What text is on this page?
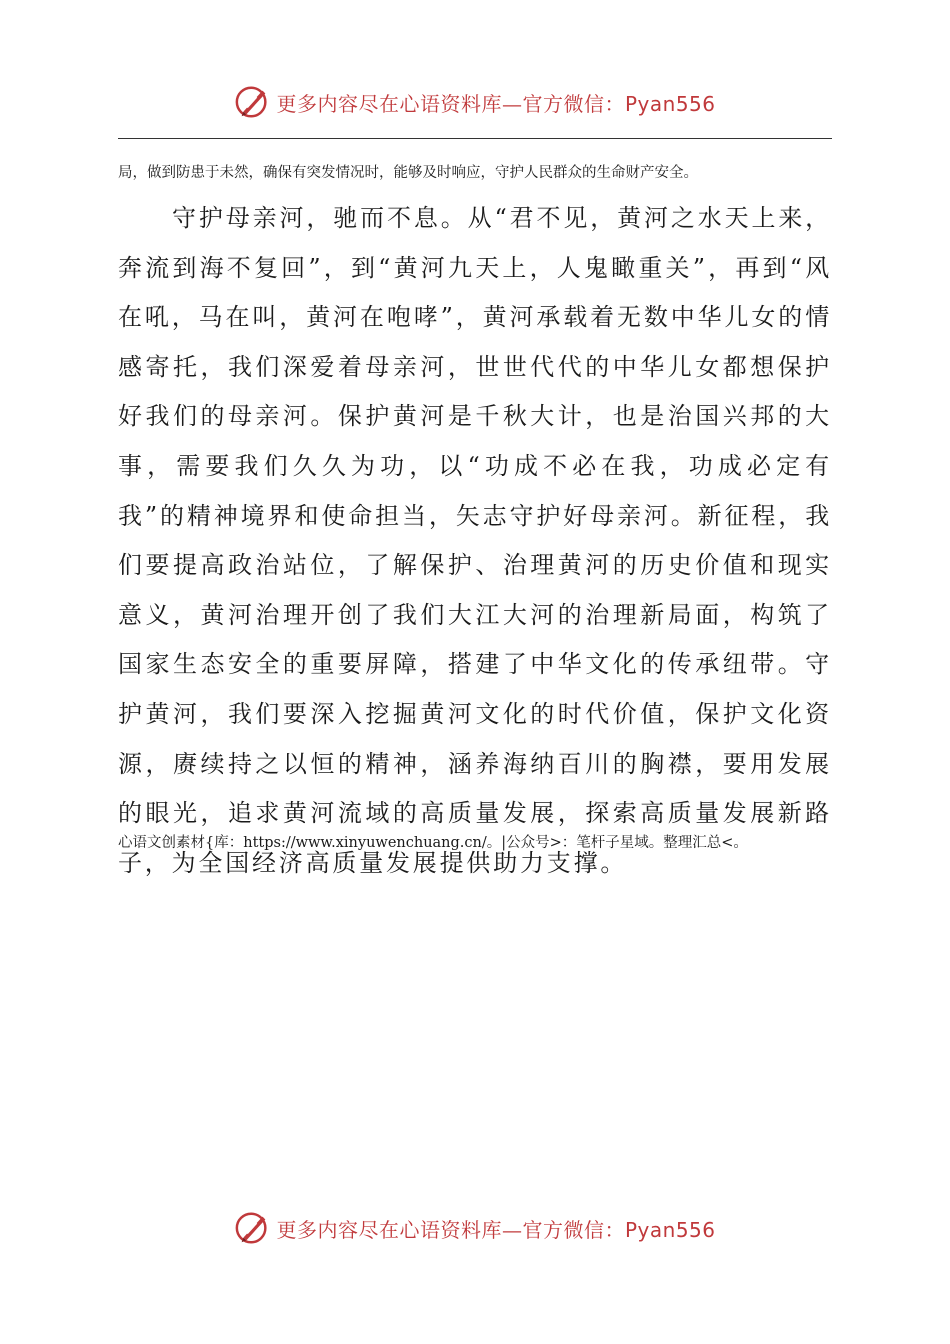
更多内容尽在心语资料库—官方微信：Pyan556
局，做到防患于未然，确保有突发情况时，能够及时响应，守护人民群众的生命财产安全。

守护母亲河，驰而不息。从“君不见，黄河之水天上来，奔流到海不复回”，到“黄河九天上，人鬼瞰重关”，再到“风在吼，马在叫，黄河在咆哮”，黄河承载着无数中华儿女的情感寄托，我们深爱着母亲河，世世代代的中华儿女都想保护好我们的母亲河。保护黄河是千秋大计，也是治国兴邦的大事，需要我们久久为功，以“功成不必在我，功成必定有我”的精神境界和使命担当，矢志守护好母亲河。新征程，我们要提高政治站位，了解保护、治理黄河的历史价值和现实意义，黄河治理开创了我们大江大河的治理新局面，构筑了国家生态安全的重要屏障，搭建了中华文化的传承纽带。守护黄河，我们要深入挖掘黄河文化的时代价值，保护文化资源，赓续持之以恒的精神，涵养海纳百川的胸襟，要用发展的眼光，追求黄河流域的高质量发展，探索高质量发展新路子，为全国经济高质量发展提供助力支撑。

心语文创素材{库：https://www.xinyuwenchuang.cn/。|公众号>：笔杆子星域。整理汇总<。
更多内容尽在心语资料库—官方微信：Pyan556
